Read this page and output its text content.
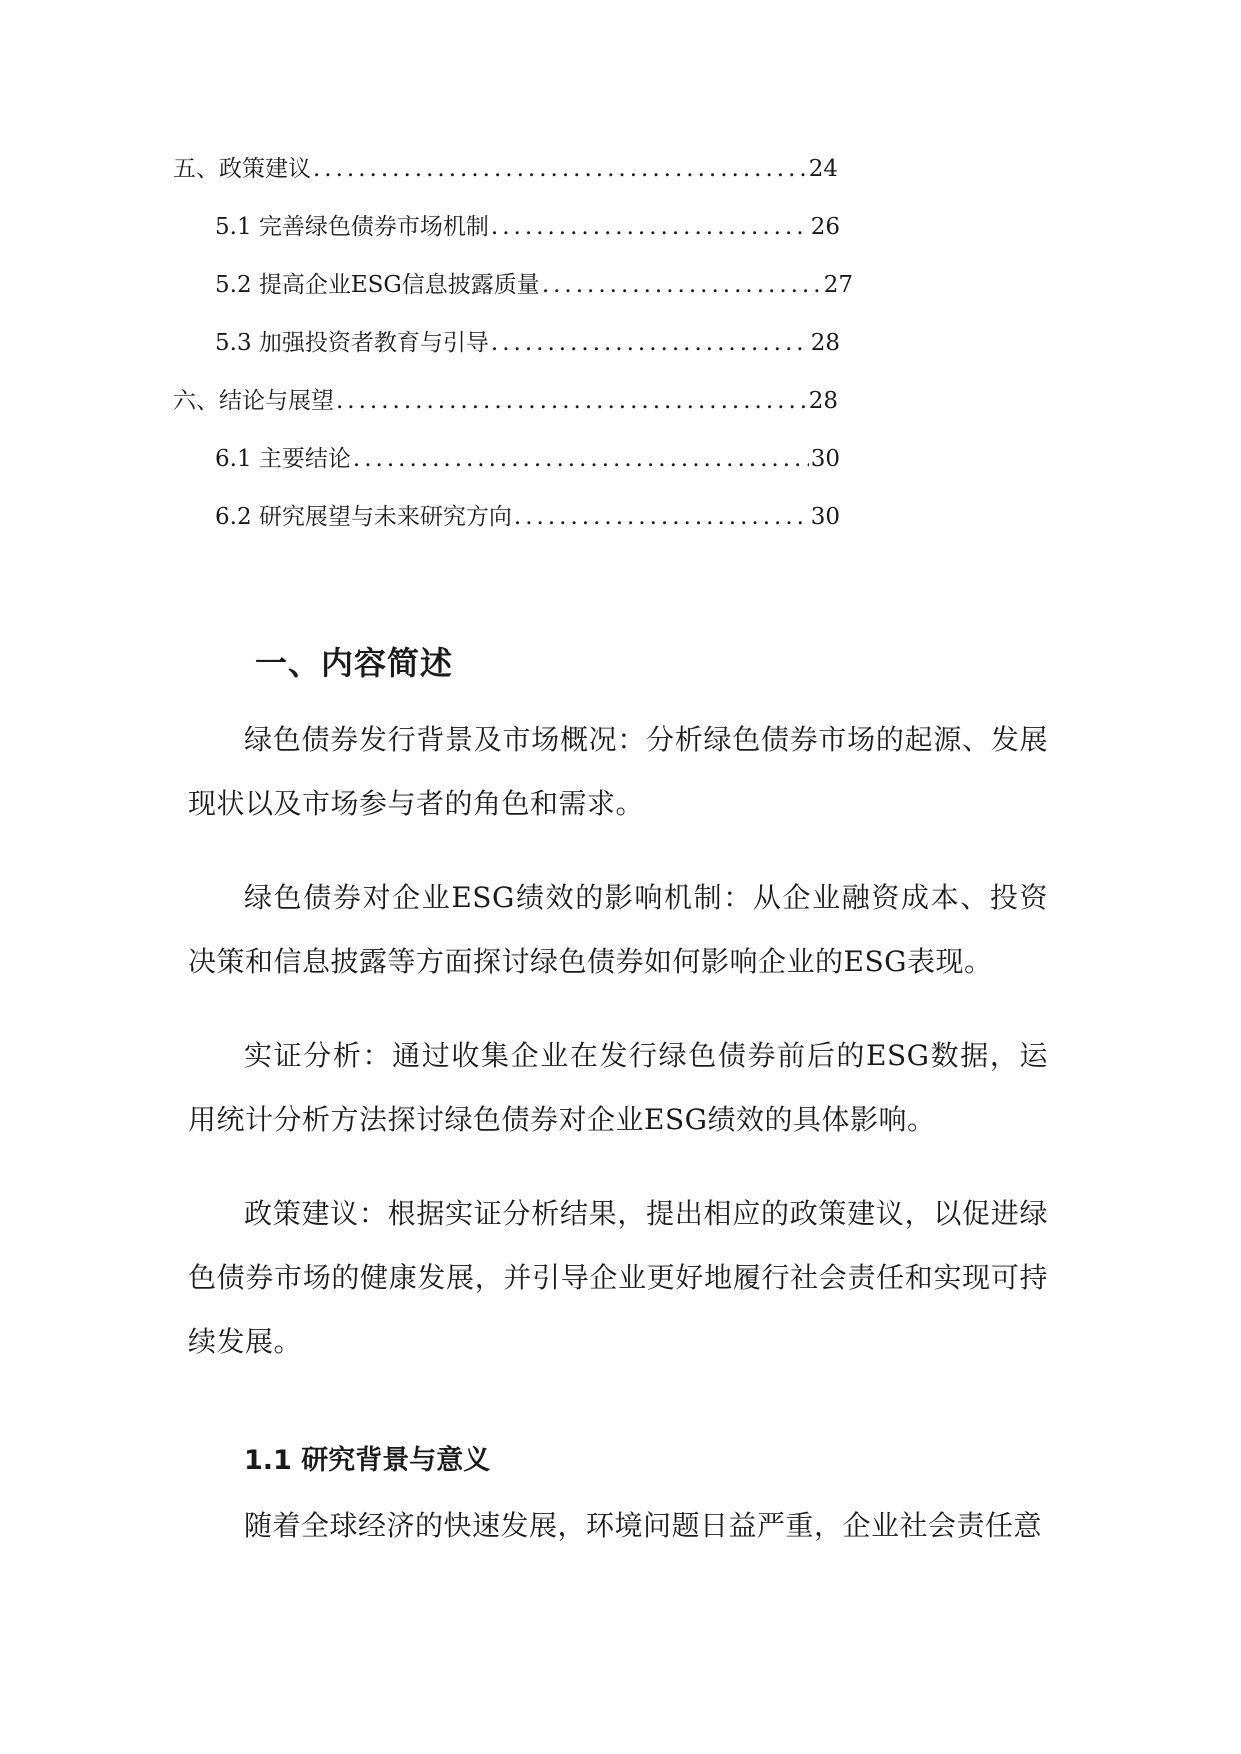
五、政策建议 .....	24
5.1 完善绿色债券市场机制 .....	26
5.2 提高企业ESG信息披露质量 .....	27
5.3 加强投资者教育与引导 .....	28
六、结论与展望 .....	28
6.1 主要结论 .....	30
6.2 研究展望与未来研究方向 .....	30
一、内容简述

绿色债券发行背景及市场概况：分析绿色债券市场的起源、发展现状以及市场参与者的角色和需求。

绿色债券对企业ESG绩效的影响机制：从企业融资成本、投资决策和信息披露等方面探讨绿色债券如何影响企业的ESG表现。

实证分析：通过收集企业在发行绿色债券前后的ESG数据，运用统计分析方法探讨绿色债券对企业ESG绩效的具体影响。

政策建议：根据实证分析结果，提出相应的政策建议，以促进绿色债券市场的健康发展，并引导企业更好地履行社会责任和实现可持续发展。

1.1 研究背景与意义

随着全球经济的快速发展，环境问题日益严重，企业社会责任意
